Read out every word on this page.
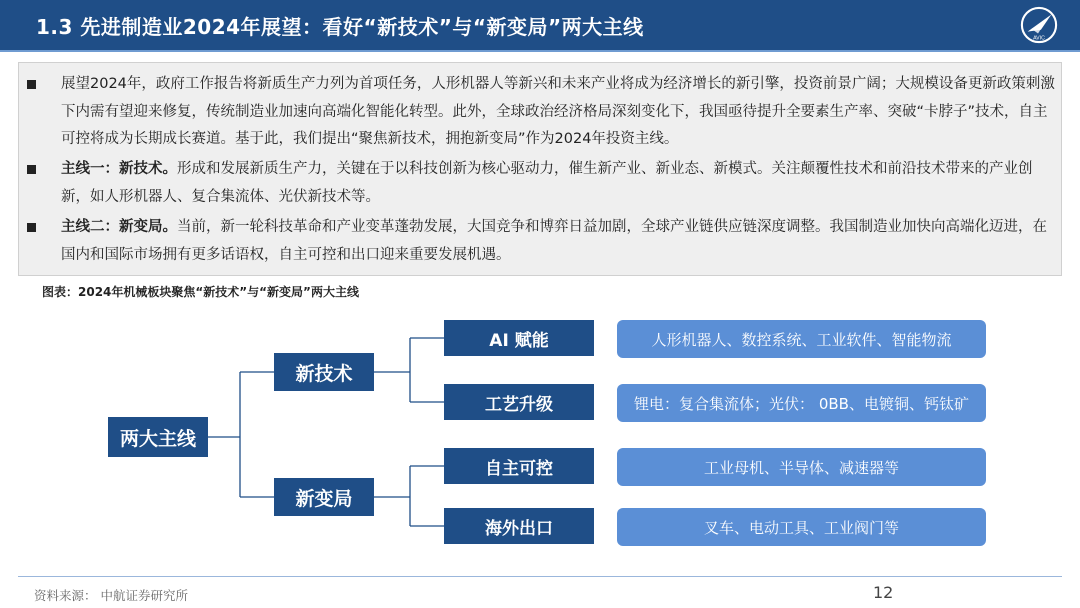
1.3 先进制造业2024年展望：看好“新技术”与“新变局”两大主线	AVIC
展望2024年，政府工作报告将新质生产力列为首项任务，人形机器人等新兴和未来产业将成为经济增长的新引擎，投资前景广阔；大规模设备更新政策刺激下内需有望迎来修复，传统制造业加速向高端化智能化转型。此外，全球政治经济格局深刻变化下，我国亟待提升全要素生产率、突破“卡脖子”技术，自主可控将成为长期成长赛道。基于此，我们提出“聚焦新技术，拥抱新变局”作为2024年投资主线。
主线一：新技术。形成和发展新质生产力，关键在于以科技创新为核心驱动力，催生新产业、新业态、新模式。关注颠覆性技术和前沿技术带来的产业创新，如人形机器人、复合集流体、光伏新技术等。
主线二：新变局。当前，新一轮科技革命和产业变革蓬勃发展，大国竞争和博弈日益加剧，全球产业链供应链深度调整。我国制造业加快向高端化迈进，在国内和国际市场拥有更多话语权，自主可控和出口迎来重要发展机遇。
图表：2024年机械板块聚焦“新技术”与“新变局”两大主线
两大主线
新技术
新变局
AI 赋能
工艺升级
自主可控
海外出口
人形机器人、数控系统、工业软件、智能物流
锂电：复合集流体；光伏： 0BB、电镀铜、钙钛矿
工业母机、半导体、减速器等
叉车、电动工具、工业阀门等
资料来源： 中航证券研究所	12
